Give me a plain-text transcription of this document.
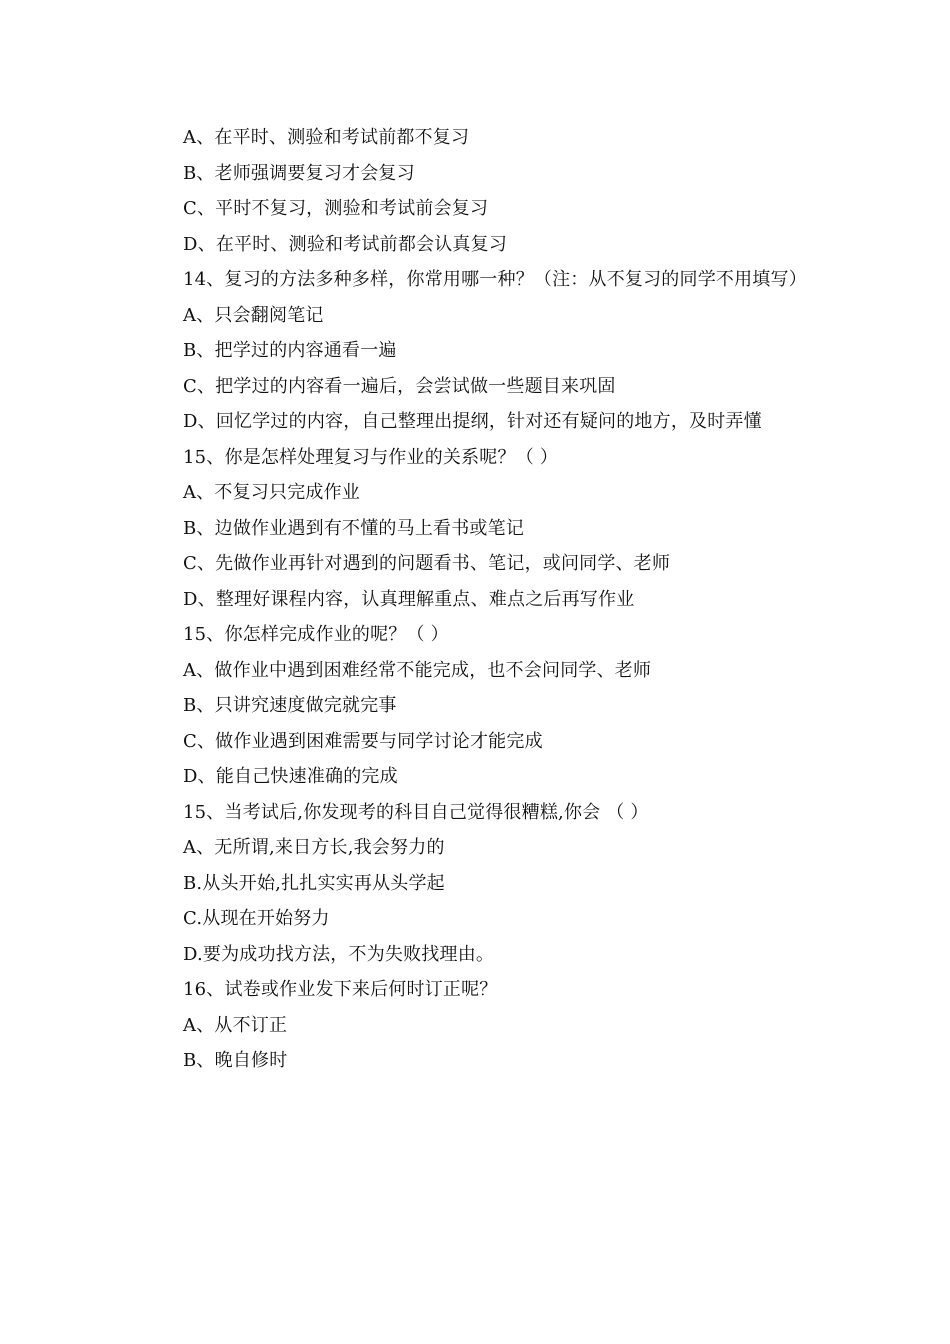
A、在平时、测验和考试前都不复习
B、老师强调要复习才会复习
C、平时不复习，测验和考试前会复习
D、在平时、测验和考试前都会认真复习
14、复习的方法多种多样，你常用哪一种？（注：从不复习的同学不用填写）
A、只会翻阅笔记
B、把学过的内容通看一遍
C、把学过的内容看一遍后，会尝试做一些题目来巩固
D、回忆学过的内容，自己整理出提纲，针对还有疑问的地方，及时弄懂
15、你是怎样处理复习与作业的关系呢？（ ）
A、不复习只完成作业
B、边做作业遇到有不懂的马上看书或笔记
C、先做作业再针对遇到的问题看书、笔记，或问同学、老师
D、整理好课程内容，认真理解重点、难点之后再写作业
15、你怎样完成作业的呢？（ ）
A、做作业中遇到困难经常不能完成，也不会问同学、老师
B、只讲究速度做完就完事
C、做作业遇到困难需要与同学讨论才能完成
D、能自己快速准确的完成
15、当考试后,你发现考的科目自己觉得很糟糕,你会 （ ）
A、无所谓,来日方长,我会努力的
B.从头开始,扎扎实实再从头学起
C.从现在开始努力
D.要为成功找方法，不为失败找理由。
16、试卷或作业发下来后何时订正呢？
A、从不订正
B、晚自修时
